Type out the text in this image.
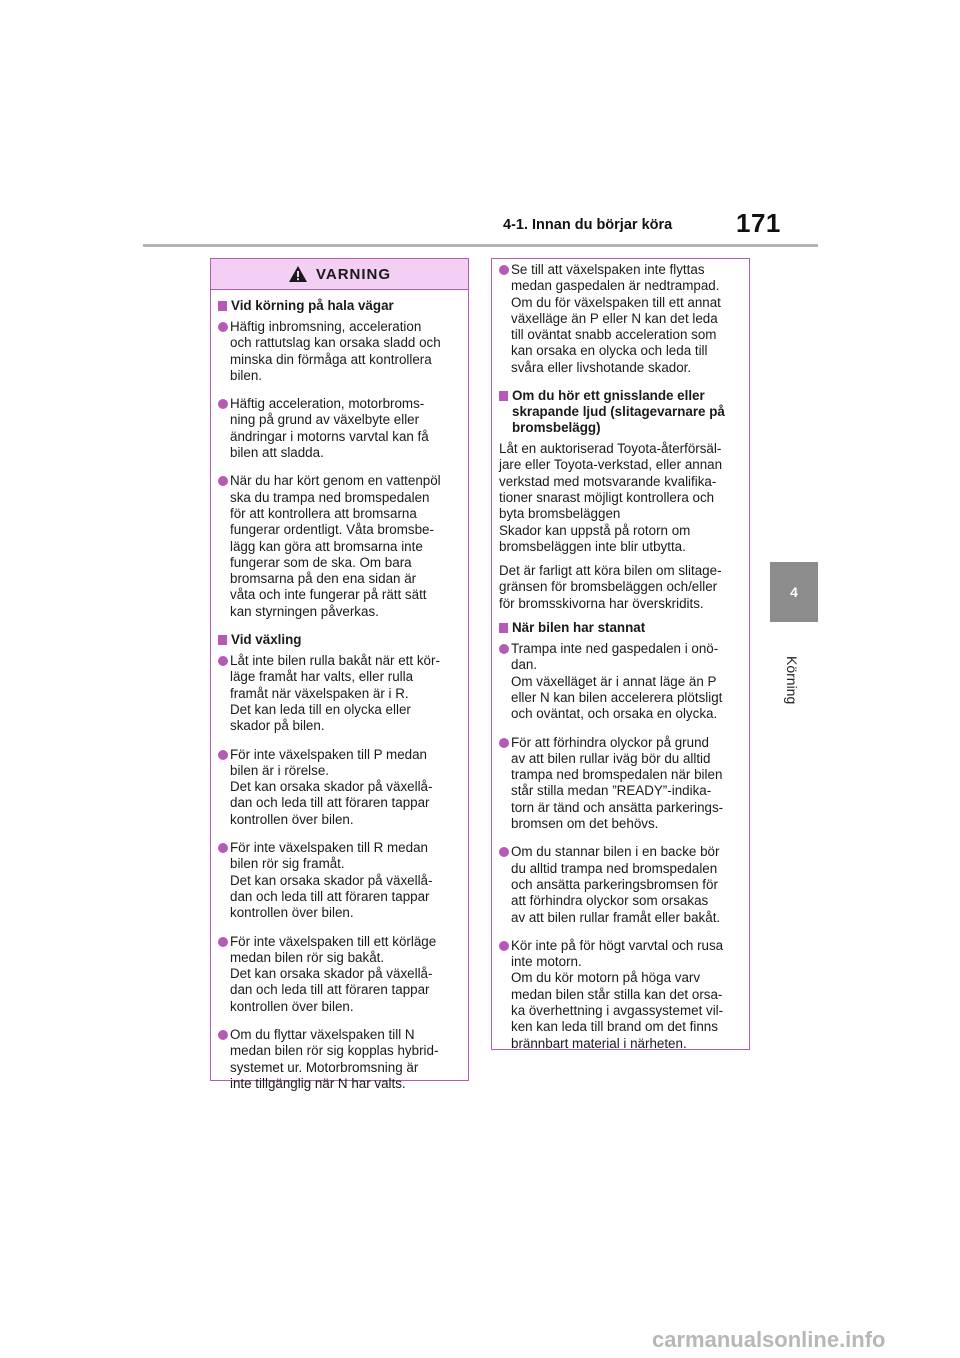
4-1. Innan du börjar köra 171
4
Körning
VARNING
Vid körning på hala vägar
Häftig inbromsning, acceleration
och rattutslag kan orsaka sladd och
minska din förmåga att kontrollera
bilen.
Häftig acceleration, motorbroms-
ning på grund av växelbyte eller
ändringar i motorns varvtal kan få
bilen att sladda.
När du har kört genom en vattenpöl
ska du trampa ned bromspedalen
för att kontrollera att bromsarna
fungerar ordentligt. Våta bromsbe-
lägg kan göra att bromsarna inte
fungerar som de ska. Om bara
bromsarna på den ena sidan är
våta och inte fungerar på rätt sätt
kan styrningen påverkas.
Vid växling
Låt inte bilen rulla bakåt när ett kör-
läge framåt har valts, eller rulla
framåt när växelspaken är i R.
Det kan leda till en olycka eller
skador på bilen.
För inte växelspaken till P medan
bilen är i rörelse.
Det kan orsaka skador på växellå-
dan och leda till att föraren tappar
kontrollen över bilen.
För inte växelspaken till R medan
bilen rör sig framåt.
Det kan orsaka skador på växellå-
dan och leda till att föraren tappar
kontrollen över bilen.
För inte växelspaken till ett körläge
medan bilen rör sig bakåt.
Det kan orsaka skador på växellå-
dan och leda till att föraren tappar
kontrollen över bilen.
Om du flyttar växelspaken till N
medan bilen rör sig kopplas hybrid-
systemet ur. Motorbromsning är
inte tillgänglig när N har valts.
Se till att växelspaken inte flyttas
medan gaspedalen är nedtrampad.
Om du för växelspaken till ett annat
växelläge än P eller N kan det leda
till oväntat snabb acceleration som
kan orsaka en olycka och leda till
svåra eller livshotande skador.
Om du hör ett gnisslande eller skrapande ljud (slitagevarnare på bromsbelägg)
Låt en auktoriserad Toyota-återförsäl-
jare eller Toyota-verkstad, eller annan
verkstad med motsvarande kvalifika-
tioner snarast möjligt kontrollera och
byta bromsbeläggen
Skador kan uppstå på rotorn om
bromsbeläggen inte blir utbytta.
Det är farligt att köra bilen om slitage-
gränsen för bromsbeläggen och/eller
för bromsskivorna har överskridits.
När bilen har stannat
Trampa inte ned gaspedalen i onö-
dan.
Om växelläget är i annat läge än P
eller N kan bilen accelerera plötsligt
och oväntat, och orsaka en olycka.
För att förhindra olyckor på grund
av att bilen rullar iväg bör du alltid
trampa ned bromspedalen när bilen
står stilla medan ”READY”-indika-
torn är tänd och ansätta parkerings-
bromsen om det behövs.
Om du stannar bilen i en backe bör
du alltid trampa ned bromspedalen
och ansätta parkeringsbromsen för
att förhindra olyckor som orsakas
av att bilen rullar framåt eller bakåt.
Kör inte på för högt varvtal och rusa
inte motorn.
Om du kör motorn på höga varv
medan bilen står stilla kan det orsa-
ka överhettning i avgassystemet vil-
ken kan leda till brand om det finns
brännbart material i närheten.
carmanualsonline.info
